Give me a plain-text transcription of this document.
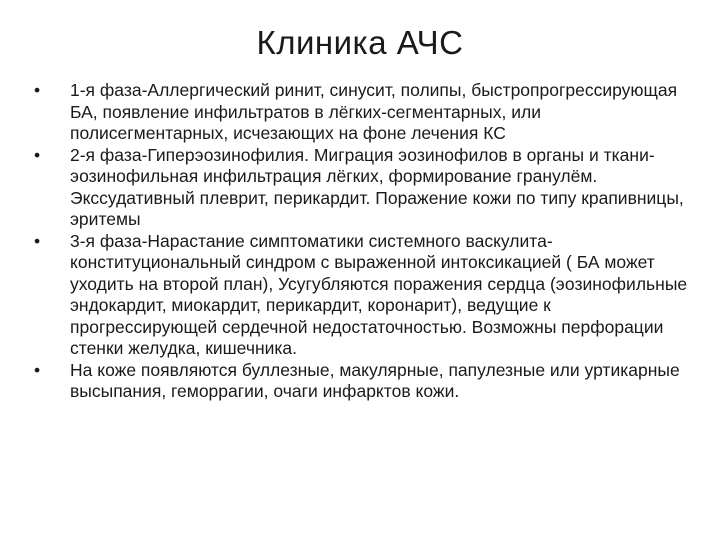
Клиника АЧС
• 1-я фаза-Аллергический ринит, синусит, полипы, быстропрогрессирующая БА, появление инфильтратов в лёгких-сегментарных, или полисегментарных, исчезающих на фоне лечения КС
• 2-я фаза-Гиперэозинофилия. Миграция эозинофилов в органы и ткани-эозинофильная инфильтрация лёгких, формирование гранулём. Экссудативный плеврит, перикардит. Поражение кожи по типу крапивницы, эритемы
• 3-я фаза-Нарастание симптоматики системного васкулита-конституциональный синдром с выраженной интоксикацией ( БА может уходить на второй план), Усугубляются поражения сердца (эозинофильные эндокардит, миокардит, перикардит, коронарит), ведущие к прогрессирующей сердечной недостаточностью. Возможны перфорации стенки желудка, кишечника.
• На коже появляются буллезные, макулярные, папулезные или уртикарные высыпания, геморрагии, очаги инфарктов кожи.
